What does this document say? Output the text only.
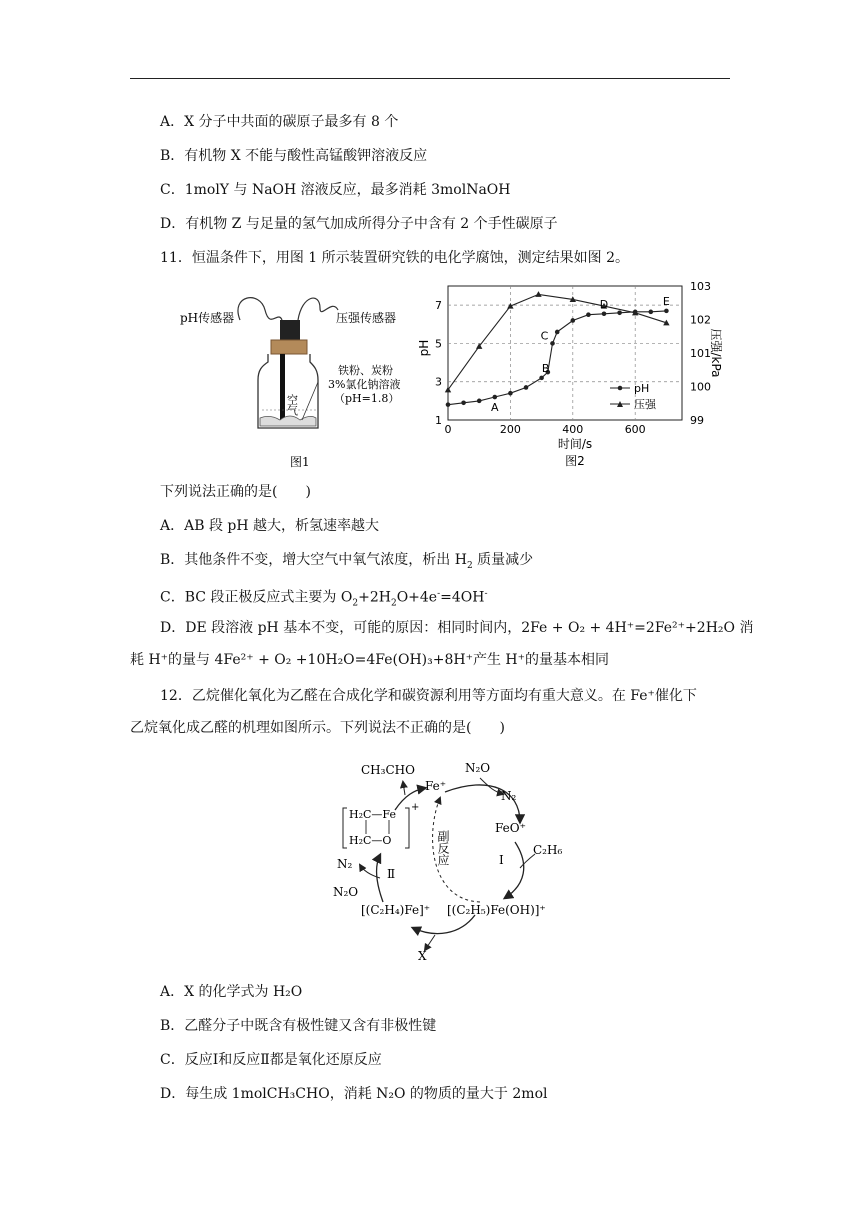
A．X 分子中共面的碳原子最多有 8 个
B．有机物 X 不能与酸性高锰酸钾溶液反应
C．1molY 与 NaOH 溶液反应，最多消耗 3molNaOH
D．有机物 Z 与足量的氢气加成所得分子中含有 2 个手性碳原子
11．恒温条件下，用图 1 所示装置研究铁的电化学腐蚀，测定结果如图 2。
pH传感器	压强传感器
空气
铁粉、炭粉
3%氯化钠溶液
（pH=1.8）
图1
0	200	400	600
1
3
5
7
99
100
101
102
103
时间/s
pH	压强/kPa
图2
A
B
C
D	E
pH
压强
下列说法正确的是(　　)
A．AB 段 pH 越大，析氢速率越大
B．其他条件不变，增大空气中氧气浓度，析出 $H_2$ 质量减少
C．BC 段正极反应式主要为 $O_2+2H_2O+4e^-=4OH^-$
D．DE 段溶液 pH 基本不变，可能的原因：相同时间内，2Fe + O₂ + 4H⁺=2Fe²⁺+2H₂O 消
耗 H⁺的量与 4Fe²⁺ + O₂ +10H₂O=4Fe(OH)₃+8H⁺产生 H⁺的量基本相同
12．乙烷催化氧化为乙醛在合成化学和碳资源利用等方面均有重大意义。在 Fe⁺催化下
乙烷氧化成乙醛的机理如图所示。下列说法不正确的是(　　)
CH₃CHO
Fe⁺
N₂O
N₂
FeO⁺
C₂H₆
Ⅰ
副反应
[(C₂H₅)Fe(OH)]⁺
[(C₂H₄)Fe]⁺
Ⅱ
N₂
N₂O
X
H₂C—Fe
H₂C—O
+
A．X 的化学式为 H₂O
B．乙醛分子中既含有极性键又含有非极性键
C．反应Ⅰ和反应Ⅱ都是氧化还原反应
D．每生成 1molCH₃CHO，消耗 N₂O 的物质的量大于 2mol
